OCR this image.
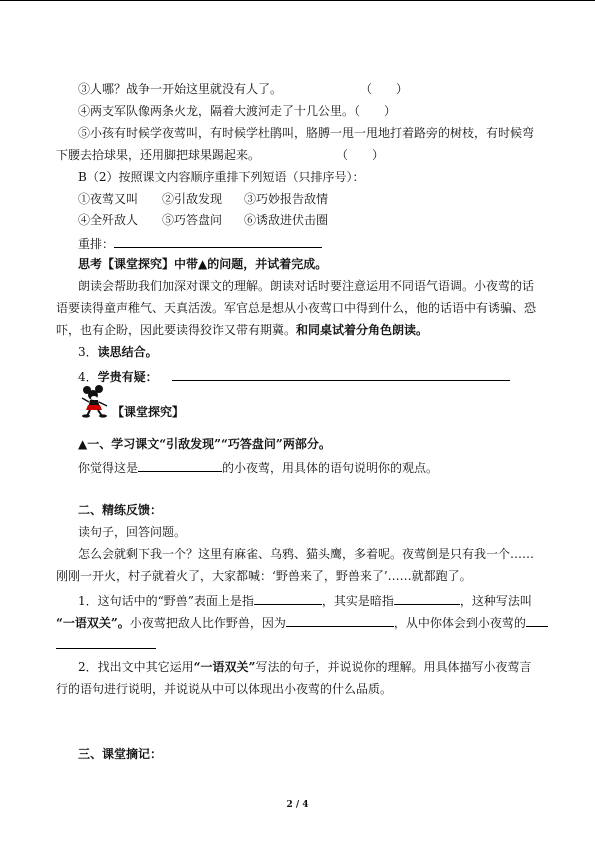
③人哪？战争一开始这里就没有人了。	（　　）
④两支军队像两条火龙，隔着大渡河走了十几公里。（　　）
⑤小孩有时候学夜莺叫，有时候学杜鹃叫，胳膊一甩一甩地打着路旁的树枝，有时候弯
下腰去拾球果，还用脚把球果踢起来。	（　　）
B（2）按照课文内容顺序重排下列短语（只排序号）：
①夜莺又叫 ②引敌发现 ③巧妙报告敌情
④全歼敌人 ⑤巧答盘问 ⑥诱敌进伏击圈
重排：
思考【课堂探究】中带▲的问题，并试着完成。
朗读会帮助我们加深对课文的理解。朗读对话时要注意运用不同语气语调。小夜莺的话
语要读得童声稚气、天真活泼。军官总是想从小夜莺口中得到什么，他的话语中有诱骗、恐
吓，也有企盼，因此要读得狡诈又带有期冀。和同桌试着分角色朗读。
3．读思结合。
4．学贵有疑：
【课堂探究】
▲一、学习课文“引敌发现”“巧答盘问”两部分。
你觉得这是	的小夜莺，用具体的语句说明你的观点。
二、精练反馈：
读句子，回答问题。
怎么会就剩下我一个？这里有麻雀、乌鸦、猫头鹰，多着呢。夜莺倒是只有我一个……
刚刚一开火，村子就着火了，大家都喊：‘野兽来了，野兽来了’……就都跑了。
1．这句话中的“野兽”表面上是指	，其实是暗指	，这种写法叫
“一语双关”。小夜莺把敌人比作野兽，因为	，从中你体会到小夜莺的
2．找出文中其它运用“一语双关”写法的句子，并说说你的理解。用具体描写小夜莺言
行的语句进行说明，并说说从中可以体现出小夜莺的什么品质。
三、课堂摘记：
2 / 4
